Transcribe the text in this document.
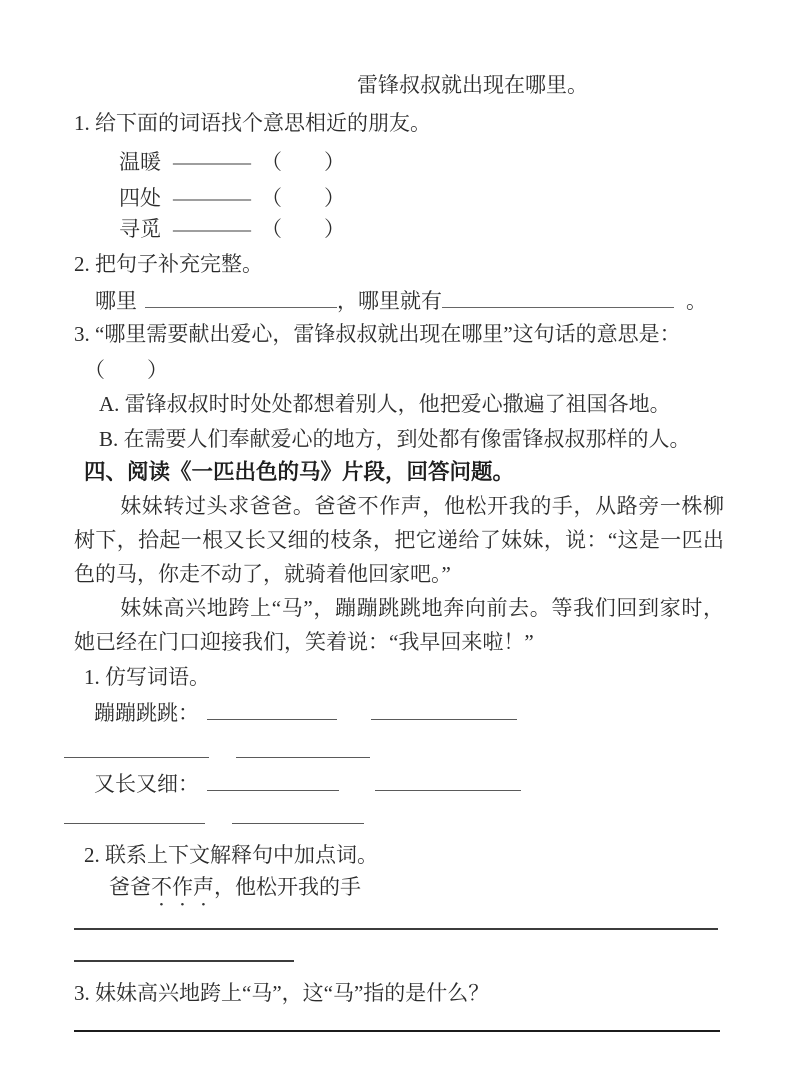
雷锋叔叔就出现在哪里。
1. 给下面的词语找个意思相近的朋友。
温暖 ———— （　　）
四处 ———— （　　）
寻觅 ———— （　　）
2. 把句子补充完整。
哪里	，哪里就有	。
3. “哪里需要献出爱心，雷锋叔叔就出现在哪里”这句话的意思是：
（　　）
A. 雷锋叔叔时时处处都想着别人，他把爱心撒遍了祖国各地。
B. 在需要人们奉献爱心的地方，到处都有像雷锋叔叔那样的人。
四、阅读《一匹出色的马》片段，回答问题。

妹妹转过头求爸爸。爸爸不作声，他松开我的手，从路旁一株柳树下，拾起一根又长又细的枝条，把它递给了妹妹，说：“这是一匹出色的马，你走不动了，就骑着他回家吧。”

妹妹高兴地跨上“马”，蹦蹦跳跳地奔向前去。等我们回到家时，她已经在门口迎接我们，笑着说：“我早回来啦！”

1. 仿写词语。
蹦蹦跳跳：
又长又细：
2. 联系上下文解释句中加点词。
爸爸不作声，他松开我的手
3. 妹妹高兴地跨上“马”，这“马”指的是什么？
